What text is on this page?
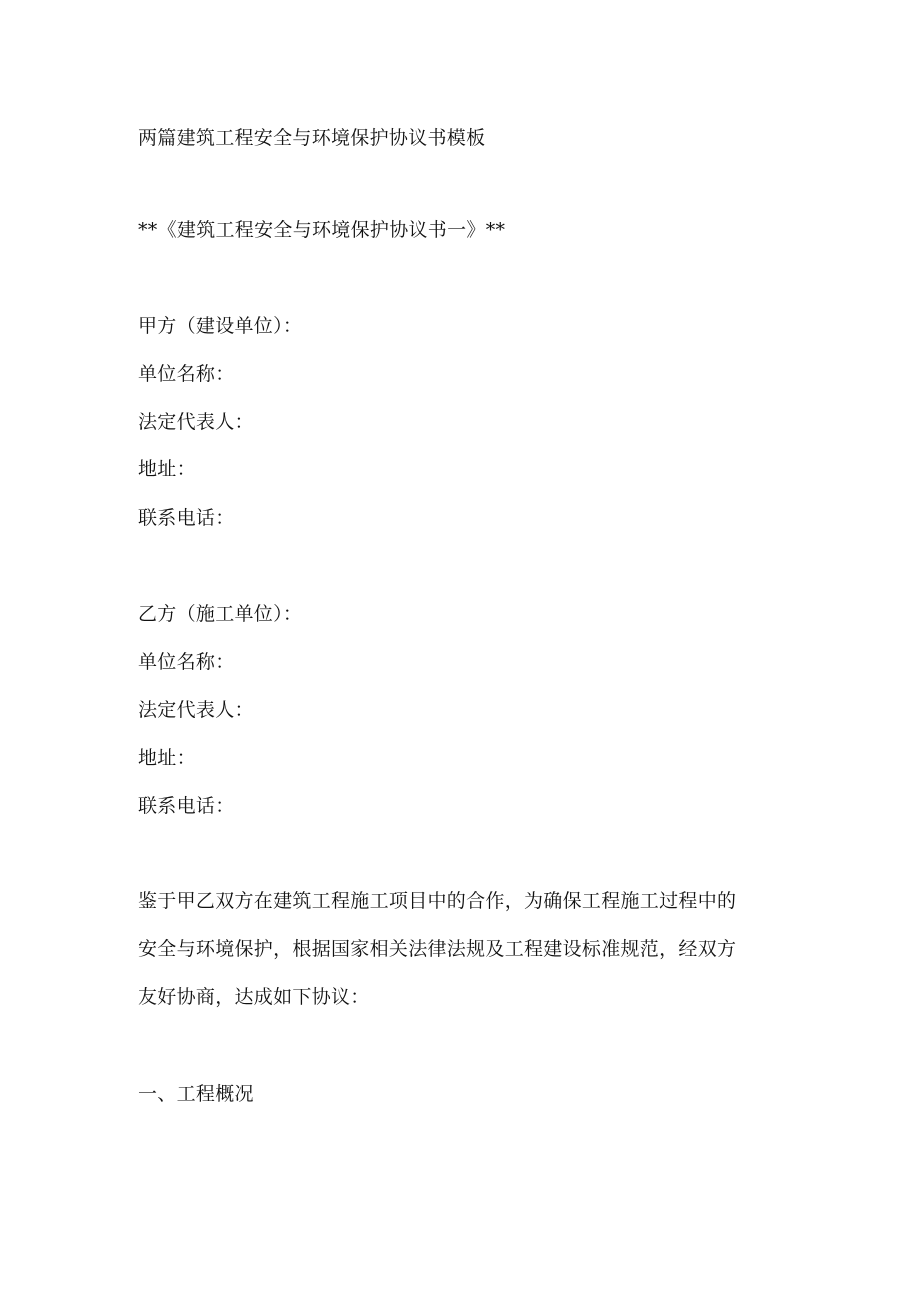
两篇建筑工程安全与环境保护协议书模板
**《建筑工程安全与环境保护协议书一》**
甲方（建设单位）：
单位名称：
法定代表人：
地址：
联系电话：
乙方（施工单位）：
单位名称：
法定代表人：
地址：
联系电话：
鉴于甲乙双方在建筑工程施工项目中的合作，为确保工程施工过程中的
安全与环境保护，根据国家相关法律法规及工程建设标准规范，经双方
友好协商，达成如下协议：
一、工程概况
